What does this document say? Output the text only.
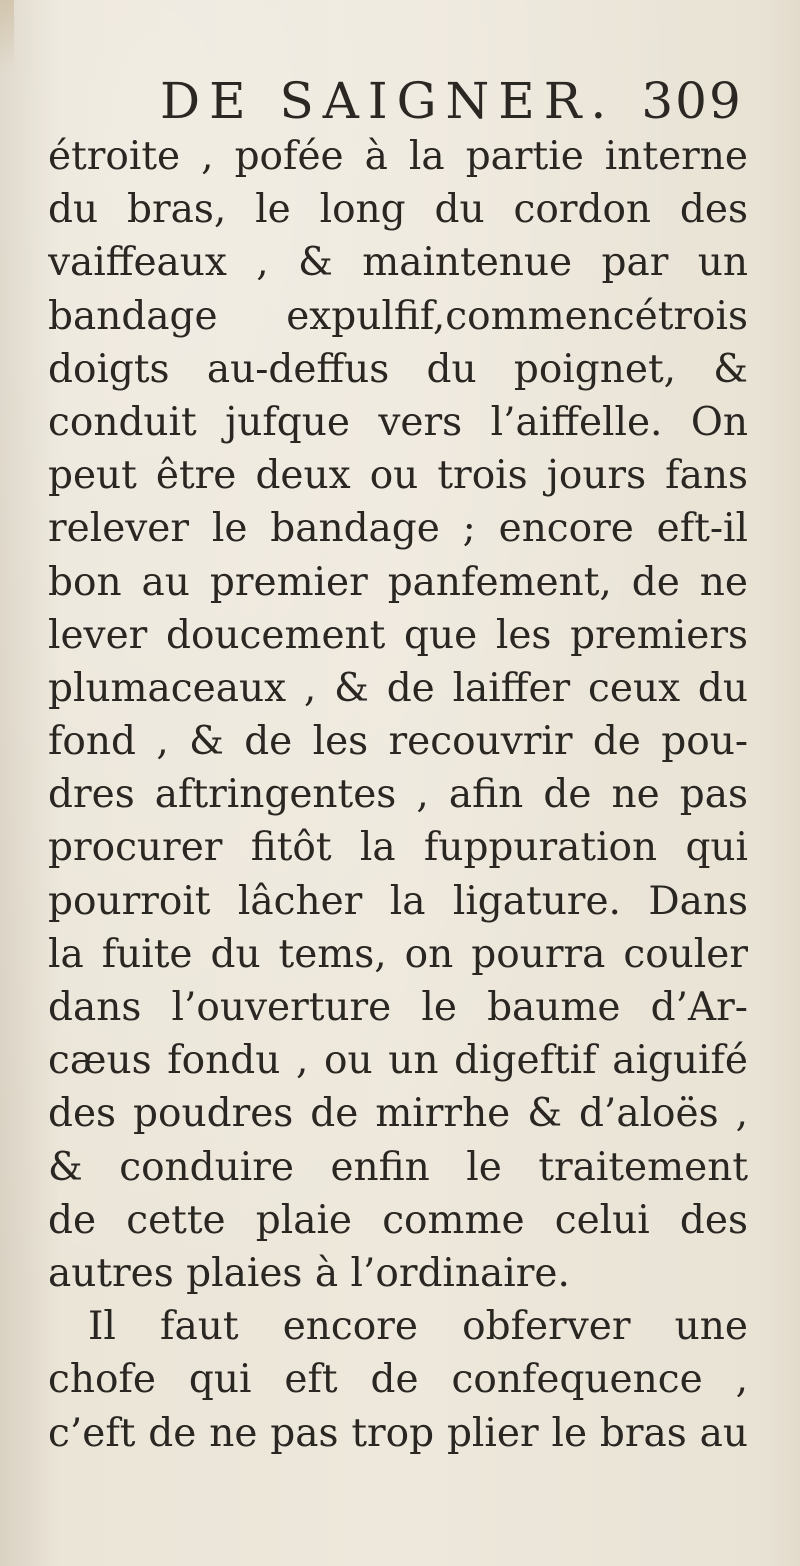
DE SAIGNER. 309
étroite , pofée à la partie interne
du bras, le long du cordon des
vaiffeaux , & maintenue par un
bandage expulfif,commencétrois
doigts au-deffus du poignet, &
conduit jufque vers l’aiffelle. On
peut être deux ou trois jours fans
relever le bandage ; encore eft-il
bon au premier panfement, de ne
lever doucement que les premiers
plumaceaux , & de laiffer ceux du
fond , & de les recouvrir de pou-
dres aftringentes , afin de ne pas
procurer fitôt la fuppuration qui
pourroit lâcher la ligature. Dans
la fuite du tems, on pourra couler
dans l’ouverture le baume d’Ar-
cæus fondu , ou un digeftif aiguifé
des poudres de mirrhe & d’aloës ,
& conduire enfin le traitement
de cette plaie comme celui des
autres plaies à l’ordinaire.
Il faut encore obferver une
chofe qui eft de confequence ,
c’eft de ne pas trop plier le bras au
